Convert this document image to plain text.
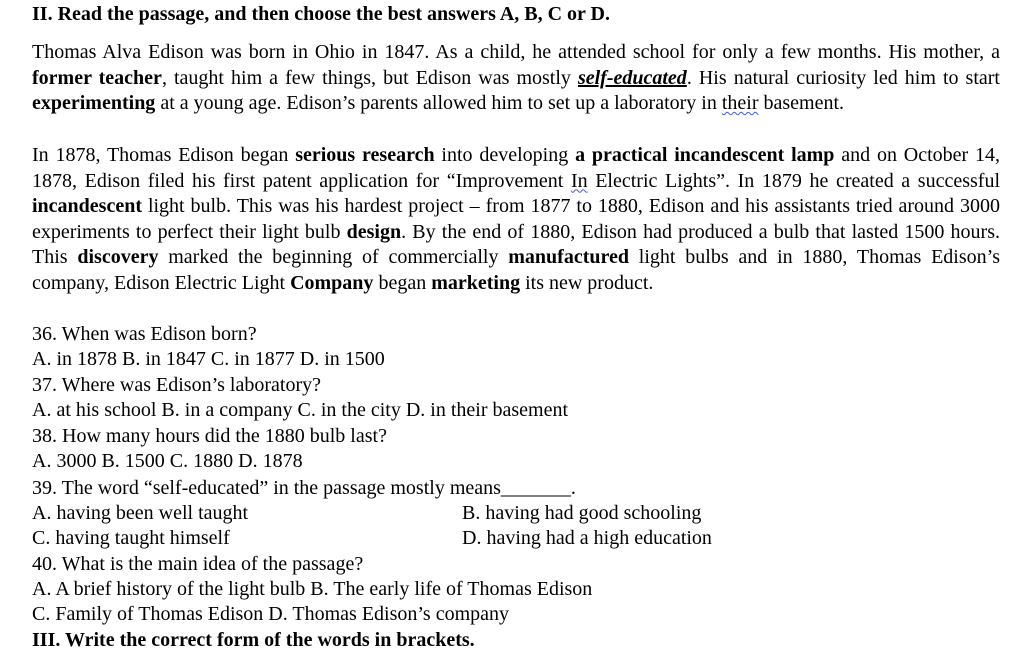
II. Read the passage, and then choose the best answers A, B, C or D.
Thomas Alva Edison was born in Ohio in 1847. As a child, he attended school for only a few months. His mother, a former teacher, taught him a few things, but Edison was mostly self-educated. His natural curiosity led him to start experimenting at a young age. Edison’s parents allowed him to set up a laboratory in their basement.
In 1878, Thomas Edison began serious research into developing a practical incandescent lamp and on October 14, 1878, Edison filed his first patent application for “Improvement In Electric Lights”. In 1879 he created a successful incandescent light bulb. This was his hardest project – from 1877 to 1880, Edison and his assistants tried around 3000 experiments to perfect their light bulb design. By the end of 1880, Edison had produced a bulb that lasted 1500 hours. This discovery marked the beginning of commercially manufactured light bulbs and in 1880, Thomas Edison’s company, Edison Electric Light Company began marketing its new product.
36. When was Edison born?
A. in 1878 B. in 1847 C. in 1877 D. in 1500
37. Where was Edison’s laboratory?
A. at his school B. in a company C. in the city D. in their basement
38. How many hours did the 1880 bulb last?
A. 3000 B. 1500 C. 1880 D. 1878
39. The word “self-educated” in the passage mostly means_______.
A. having been well taught	B. having had good schooling
C. having taught himself	D. having had a high education
40. What is the main idea of the passage?
A. A brief history of the light bulb B. The early life of Thomas Edison
C. Family of Thomas Edison D. Thomas Edison’s company
III. Write the correct form of the words in brackets.
